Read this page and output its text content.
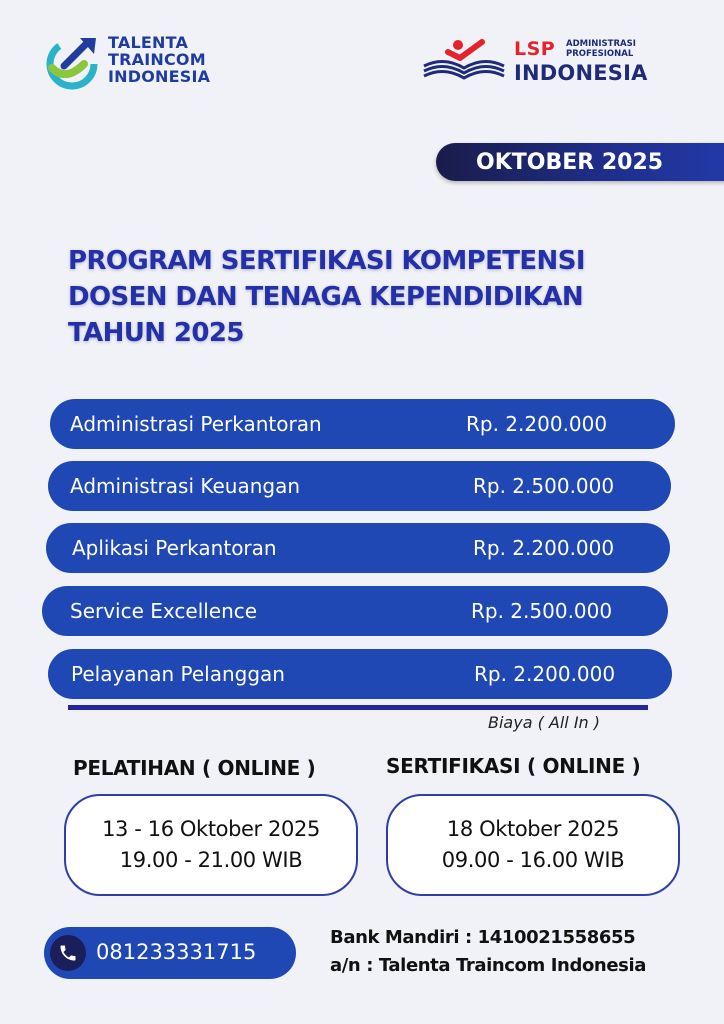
TALENTA
TRAINCOM
INDONESIA
LSP ADMINISTRASI
PROFESIONAL
INDONESIA
OKTOBER 2025
PROGRAM SERTIFIKASI KOMPETENSI
DOSEN DAN TENAGA KEPENDIDIKAN
TAHUN 2025
Administrasi Perkantoran	Rp. 2.200.000
Administrasi Keuangan	Rp. 2.500.000
Aplikasi Perkantoran	Rp. 2.200.000
Service Excellence	Rp. 2.500.000
Pelayanan Pelanggan	Rp. 2.200.000
Biaya ( All In )
PELATIHAN ( ONLINE )	SERTIFIKASI ( ONLINE )
13 - 16 Oktober 2025
19.00 - 21.00 WIB
18 Oktober 2025
09.00 - 16.00 WIB
081233331715
Bank Mandiri : 1410021558655
a/n : Talenta Traincom Indonesia
